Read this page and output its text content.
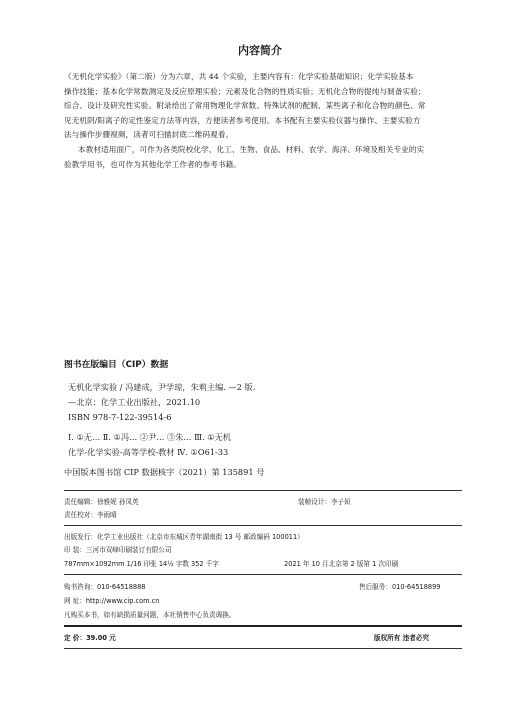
内容简介
《无机化学实验》（第二版）分为六章，共 44 个实验，主要内容有：化学实验基础知识；化学实验基本
操作技能；基本化学常数测定及反应原理实验；元素及化合物的性质实验；无机化合物的提纯与制备实验；
综合、设计及研究性实验。附录给出了常用物理化学常数、特殊试剂的配制、某些离子和化合物的颜色、常
见无机阴/阳离子的定性鉴定方法等内容，方便读者参考使用。本书配有主要实验仪器与操作、主要实验方
法与操作步骤视频，读者可扫描封底二维码观看。
本教材适用面广，可作为各类院校化学、化工、生物、食品、材料、农学、海洋、环境及相关专业的实
验教学用书，也可作为其他化学工作者的参考书籍。
图书在版编目（CIP）数据
无机化学实验 / 冯建成，尹学琼，朱莉主编. —2 版.
—北京：化学工业出版社，2021.10
ISBN 978-7-122-39514-6
Ⅰ. ①无… Ⅱ. ①冯… ②尹… ③朱… Ⅲ. ①无机
化学-化学实验-高等学校-教材 Ⅳ. ①O61-33
中国版本图书馆 CIP 数据核字（2021）第 135891 号
责任编辑：徐雅妮 孙凤英	装帧设计：李子姮
责任校对：李雨晴
出版发行：化学工业出版社（北京市东城区青年湖南街 13 号 邮政编码 100011）
印 装：三河市双峰印刷装订有限公司
787mm×1092mm 1/16 印张 14½ 字数 352 千字	2021 年 10 月北京第 2 版第 1 次印刷
购书咨询：010-64518888	售后服务：010-64518899
网 址：http://www.cip.com.cn
凡购买本书，如有缺损质量问题，本社销售中心负责调换。
定 价：39.00 元	版权所有 违者必究
